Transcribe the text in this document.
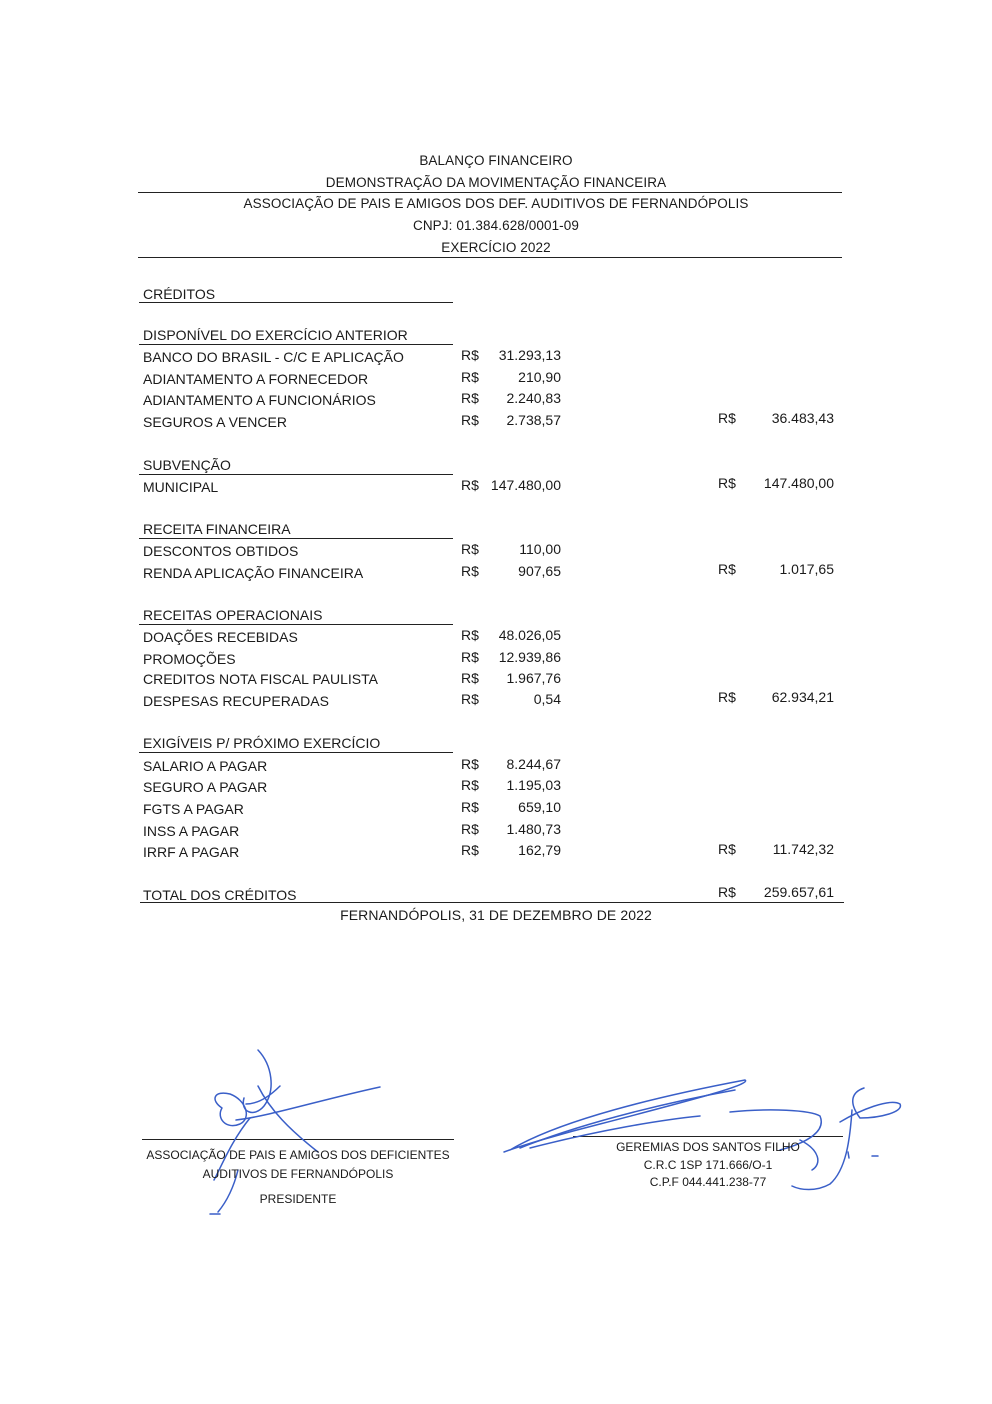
BALANÇO FINANCEIRO
DEMONSTRAÇÃO DA MOVIMENTAÇÃO FINANCEIRA
ASSOCIAÇÃO DE PAIS E AMIGOS DOS DEF. AUDITIVOS DE FERNANDÓPOLIS
CNPJ: 01.384.628/0001-09
EXERCÍCIO 2022
CRÉDITOS
DISPONÍVEL DO EXERCÍCIO ANTERIOR
BANCO DO BRASIL - C/C E APLICAÇÃO	R$ 31.293,13
ADIANTAMENTO A FORNECEDOR	R$	210,90
ADIANTAMENTO A FUNCIONÁRIOS	R$ 2.240,83
SEGUROS A VENCER	R$ 2.738,57	R$	36.483,43
SUBVENÇÃO
MUNICIPAL	R$ 147.480,00	R$ 147.480,00
RECEITA FINANCEIRA
DESCONTOS OBTIDOS	R$	110,00
RENDA APLICAÇÃO FINANCEIRA	R$	907,65	R$	1.017,65
RECEITAS OPERACIONAIS
DOAÇÕES RECEBIDAS	R$ 48.026,05
PROMOÇÕES	R$ 12.939,86
CREDITOS NOTA FISCAL PAULISTA	R$ 1.967,76
DESPESAS RECUPERADAS	R$	0,54	R$	62.934,21
EXIGÍVEIS P/ PRÓXIMO EXERCÍCIO
SALARIO A PAGAR	R$ 8.244,67
SEGURO A PAGAR	R$ 1.195,03
FGTS A PAGAR	R$	659,10
INSS A PAGAR	R$ 1.480,73
IRRF A PAGAR	R$	162,79	R$	11.742,32
TOTAL DOS CRÉDITOS	R$ 259.657,61
FERNANDÓPOLIS, 31 DE DEZEMBRO DE 2022
ASSOCIAÇÃO DE PAIS E AMIGOS DOS DEFICIENTES
AUDITIVOS DE FERNANDÓPOLIS
PRESIDENTE
GEREMIAS DOS SANTOS FILHO
C.R.C 1SP 171.666/O-1
C.P.F 044.441.238-77
